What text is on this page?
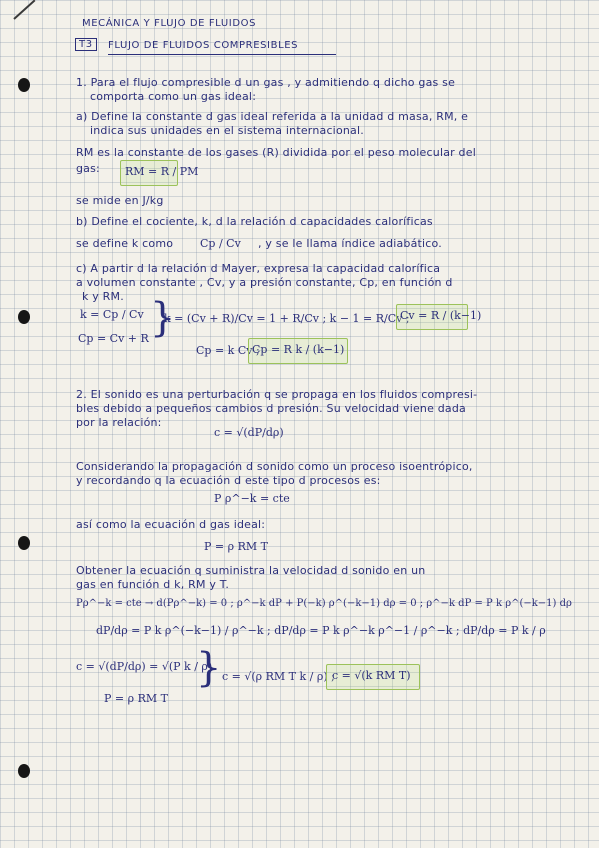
MECÁNICA Y FLUJO DE FLUIDOS
T3	FLUJO DE FLUIDOS COMPRESIBLES
1. Para el flujo compresible d un gas , y admitiendo q dicho gas se
comporta como un gas ideal:
a) Define la constante d gas ideal referida a la unidad d masa, RM, e
indica sus unidades en el sistema internacional.
RM es la constante de los gases (R) dividida por el peso molecular del
gas: RM = R / PM
se mide en J/kg
b) Define el cociente, k, d la relación d capacidades caloríficas
se define k como Cp / Cv , y se le llama índice adiabático.
c) A partir d la relación d Mayer, expresa la capacidad calorífica
a volumen constante , Cv, y a presión constante, Cp, en función d
k y RM.
k = Cp / Cv
Cp = Cv + R }
k = (Cv + R)/Cv = 1 + R/Cv ; k − 1 = R/Cv ;
Cv = R / (k−1)
Cp = k Cv ;
Cp = R k / (k−1)
2. El sonido es una perturbación q se propaga en los fluidos compresi-
bles debido a pequeños cambios d presión. Su velocidad viene dada
por la relación:
c = √(dP/dρ)
Considerando la propagación d sonido como un proceso isoentrópico,
y recordando q la ecuación d este tipo d procesos es:
P ρ^−k = cte
así como la ecuación d gas ideal:
P = ρ RM T
Obtener la ecuación q suministra la velocidad d sonido en un
gas en función d k, RM y T.
Pρ^−k = cte → d(Pρ^−k) = 0 ; ρ^−k dP + P(−k) ρ^(−k−1) dρ = 0 ; ρ^−k dP = P k ρ^(−k−1) dρ
dP/dρ = P k ρ^(−k−1) / ρ^−k ; dP/dρ = P k ρ^−k ρ^−1 / ρ^−k ; dP/dρ = P k / ρ
c = √(dP/dρ) = √(P k / ρ)
} c = √(ρ RM T k / ρ) ;
c = √(k RM T)
P = ρ RM T
